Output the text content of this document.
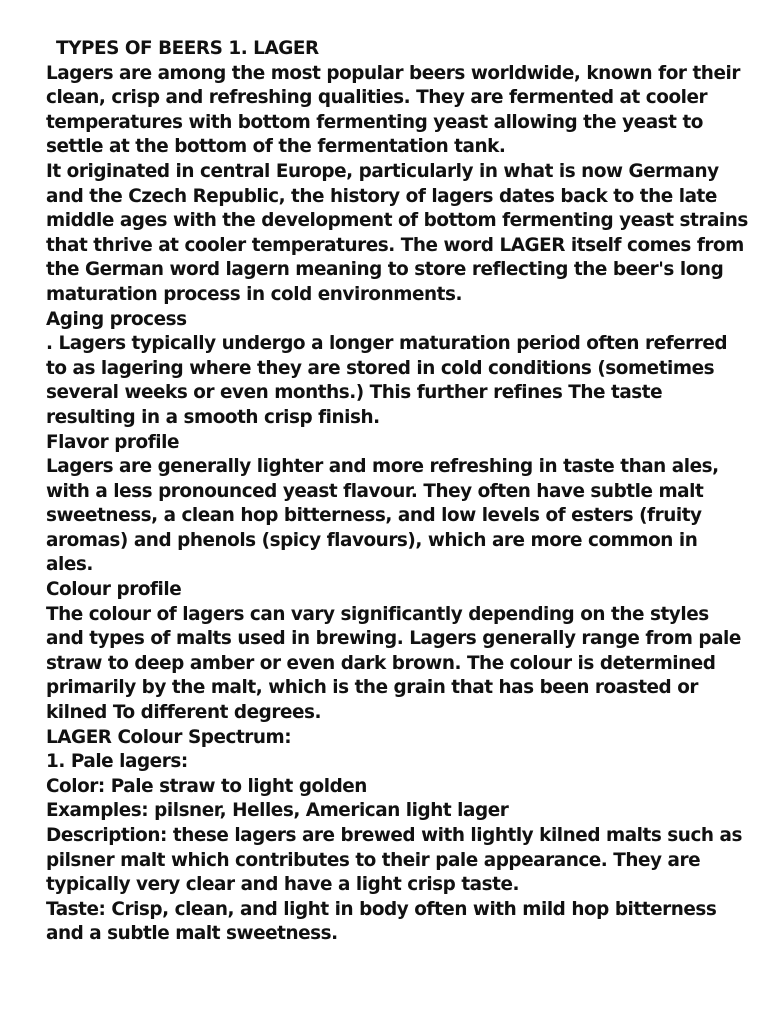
TYPES OF BEERS 1. LAGER
Lagers are among the most popular beers worldwide, known for their clean, crisp and refreshing qualities. They are fermented at cooler temperatures with bottom fermenting yeast allowing the yeast to settle at the bottom of the fermentation tank.
It originated in central Europe, particularly in what is now Germany and the Czech Republic, the history of lagers dates back to the late middle ages with the development of bottom fermenting yeast strains that thrive at cooler temperatures. The word LAGER itself comes from the German word lagern meaning to store reflecting the beer's long maturation process in cold environments.
Aging process
. Lagers typically undergo a longer maturation period often referred to as lagering where they are stored in cold conditions (sometimes several weeks or even months.) This further refines The taste resulting in a smooth crisp finish.
Flavor profile
Lagers are generally lighter and more refreshing in taste than ales, with a less pronounced yeast flavour. They often have subtle malt sweetness, a clean hop bitterness, and low levels of esters (fruity aromas) and phenols (spicy flavours), which are more common in ales.
Colour profile
The colour of lagers can vary significantly depending on the styles and types of malts used in brewing. Lagers generally range from pale straw to deep amber or even dark brown. The colour is determined primarily by the malt, which is the grain that has been roasted or kilned To different degrees.
LAGER Colour Spectrum:
1. Pale lagers:
Color: Pale straw to light golden
Examples: pilsner, Helles, American light lager
Description: these lagers are brewed with lightly kilned malts such as pilsner malt which contributes to their pale appearance. They are typically very clear and have a light crisp taste.
Taste: Crisp, clean, and light in body often with mild hop bitterness and a subtle malt sweetness.
